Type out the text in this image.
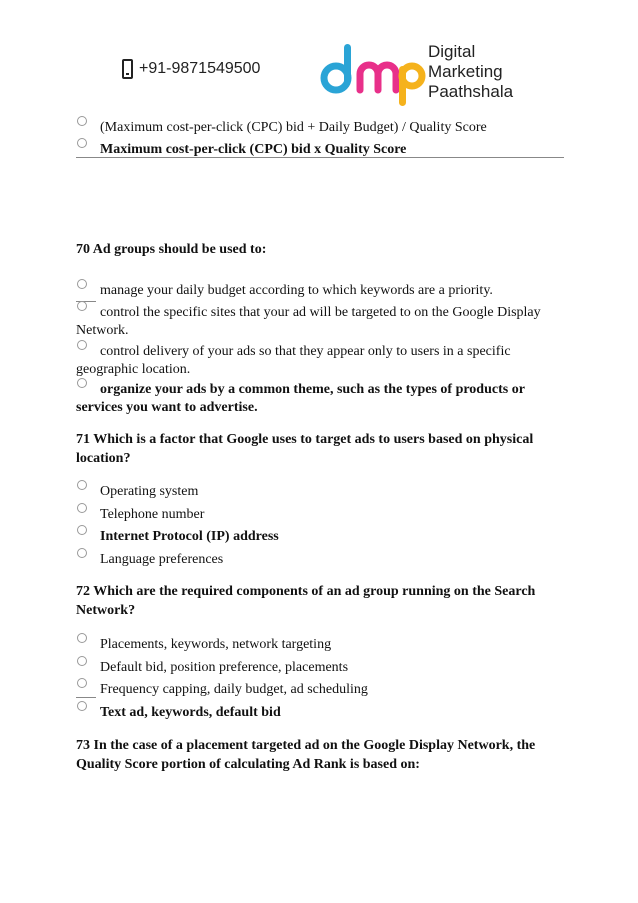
+91-9871549500
Digital
Marketing
Paathshala
(Maximum cost-per-click (CPC) bid + Daily Budget) / Quality Score
Maximum cost-per-click (CPC) bid x Quality Score
70 Ad groups should be used to:
manage your daily budget according to which keywords are a priority.
control the specific sites that your ad will be targeted to on the Google Display
Network.
control delivery of your ads so that they appear only to users in a specific
geographic location.
organize your ads by a common theme, such as the types of products or
services you want to advertise.
71 Which is a factor that Google uses to target ads to users based on physical
location?
Operating system
Telephone number
Internet Protocol (IP) address
Language preferences
72 Which are the required components of an ad group running on the Search
Network?
Placements, keywords, network targeting
Default bid, position preference, placements
Frequency capping, daily budget, ad scheduling
Text ad, keywords, default bid
73 In the case of a placement targeted ad on the Google Display Network, the
Quality Score portion of calculating Ad Rank is based on:
